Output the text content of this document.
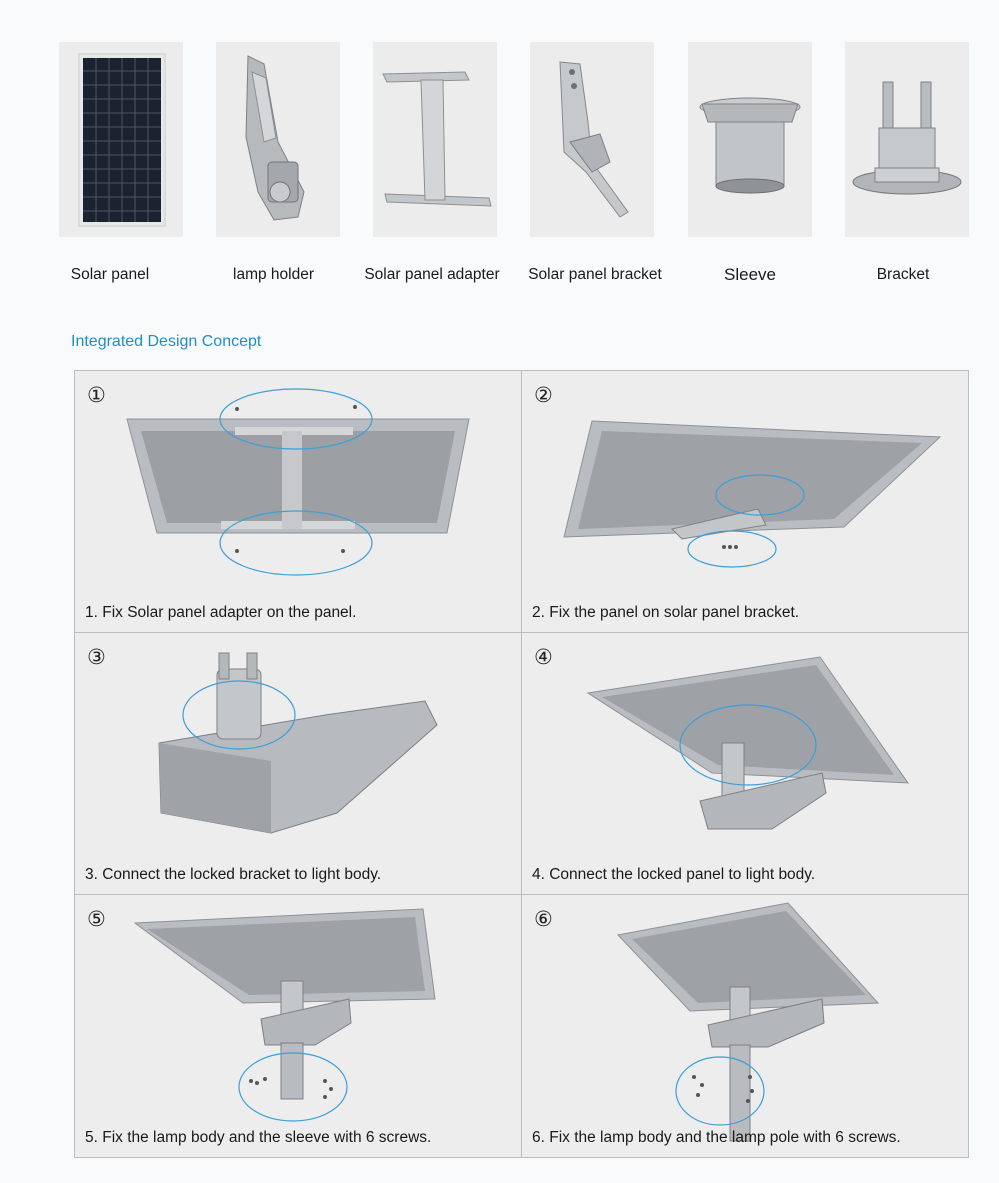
Solar panel	lamp holder	Solar panel adapter	Solar panel bracket	Sleeve	Bracket
Integrated Design Concept
①
1. Fix Solar panel adapter on the panel.
②
2. Fix the panel on solar panel bracket.
③
3. Connect the locked bracket to light body.
④
4. Connect the locked panel to light body.
⑤
5. Fix the lamp body and the sleeve with 6 screws.
⑥
6. Fix the lamp body and the lamp pole with 6 screws.
